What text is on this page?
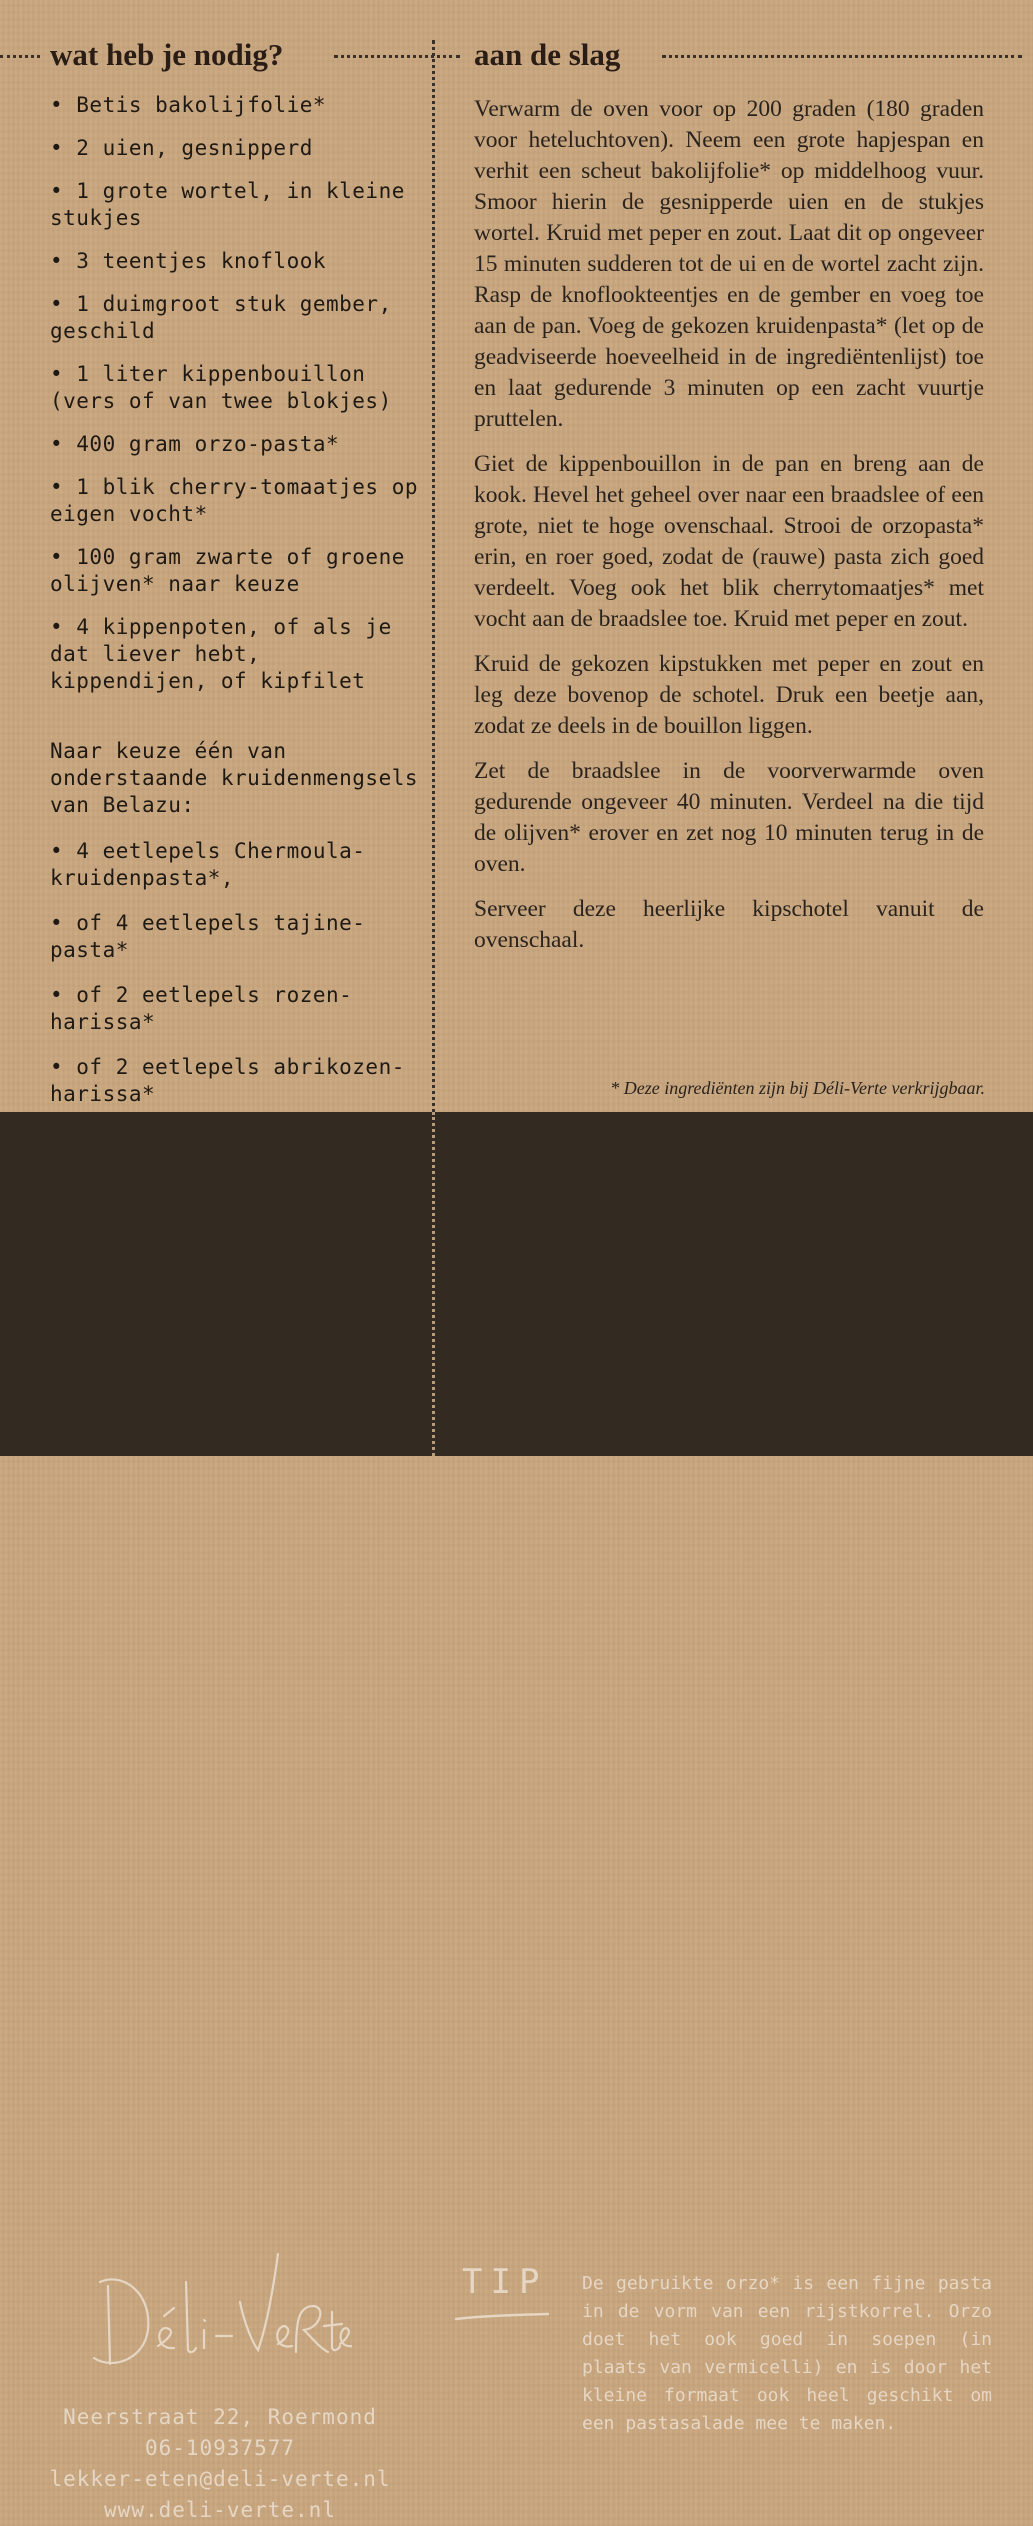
wat heb je nodig?	aan de slag
• Betis bakolijfolie*
• 2 uien, gesnipperd
• 1 grote wortel, in kleine stukjes
• 3 teentjes knoflook
• 1 duimgroot stuk gember, geschild
• 1 liter kippenbouillon (vers of van twee blokjes)
• 400 gram orzo-pasta*
• 1 blik cherry-tomaatjes op eigen vocht*
• 100 gram zwarte of groene olijven* naar keuze
• 4 kippenpoten, of als je dat liever hebt, kippendijen, of kipfilet

Naar keuze één van onderstaande kruidenmengsels van Belazu:

• 4 eetlepels Chermoula-kruidenpasta*,
• of 4 eetlepels tajine-pasta*
• of 2 eetlepels rozen-harissa*
• of 2 eetlepels abrikozen-harissa*

Verwarm de oven voor op 200 graden (180 graden voor heteluchtoven). Neem een grote hapjespan en verhit een scheut bakolijfolie* op middelhoog vuur. Smoor hierin de gesnipperde uien en de stukjes wortel. Kruid met peper en zout. Laat dit op ongeveer 15 minuten sudderen tot de ui en de wortel zacht zijn. Rasp de knoflookteentjes en de gember en voeg toe aan de pan. Voeg de gekozen kruidenpasta* (let op de geadviseerde hoeveelheid in de ingrediëntenlijst) toe en laat gedurende 3 minuten op een zacht vuurtje pruttelen.

Giet de kippenbouillon in de pan en breng aan de kook. Hevel het geheel over naar een braadslee of een grote, niet te hoge ovenschaal. Strooi de orzopasta* erin, en roer goed, zodat de (rauwe) pasta zich goed verdeelt. Voeg ook het blik cherrytomaatjes* met vocht aan de braadslee toe. Kruid met peper en zout.

Kruid de gekozen kipstukken met peper en zout en leg deze bovenop de schotel. Druk een beetje aan, zodat ze deels in de bouillon liggen.

Zet de braadslee in de voorverwarmde oven gedurende ongeveer 40 minuten. Verdeel na die tijd de olijven* erover en zet nog 10 minuten terug in de oven.

Serveer deze heerlijke kipschotel vanuit de ovenschaal.

* Deze ingrediënten zijn bij Déli-Verte verkrijgbaar.
Neerstraat 22, Roermond
06-10937577
lekker-eten@deli-verte.nl
www.deli-verte.nl
TIP De gebruikte orzo* is een fijne pasta in de vorm van een rijstkorrel. Orzo doet het ook goed in soepen (in plaats van vermicelli) en is door het kleine formaat ook heel geschikt om een pastasalade mee te maken.
